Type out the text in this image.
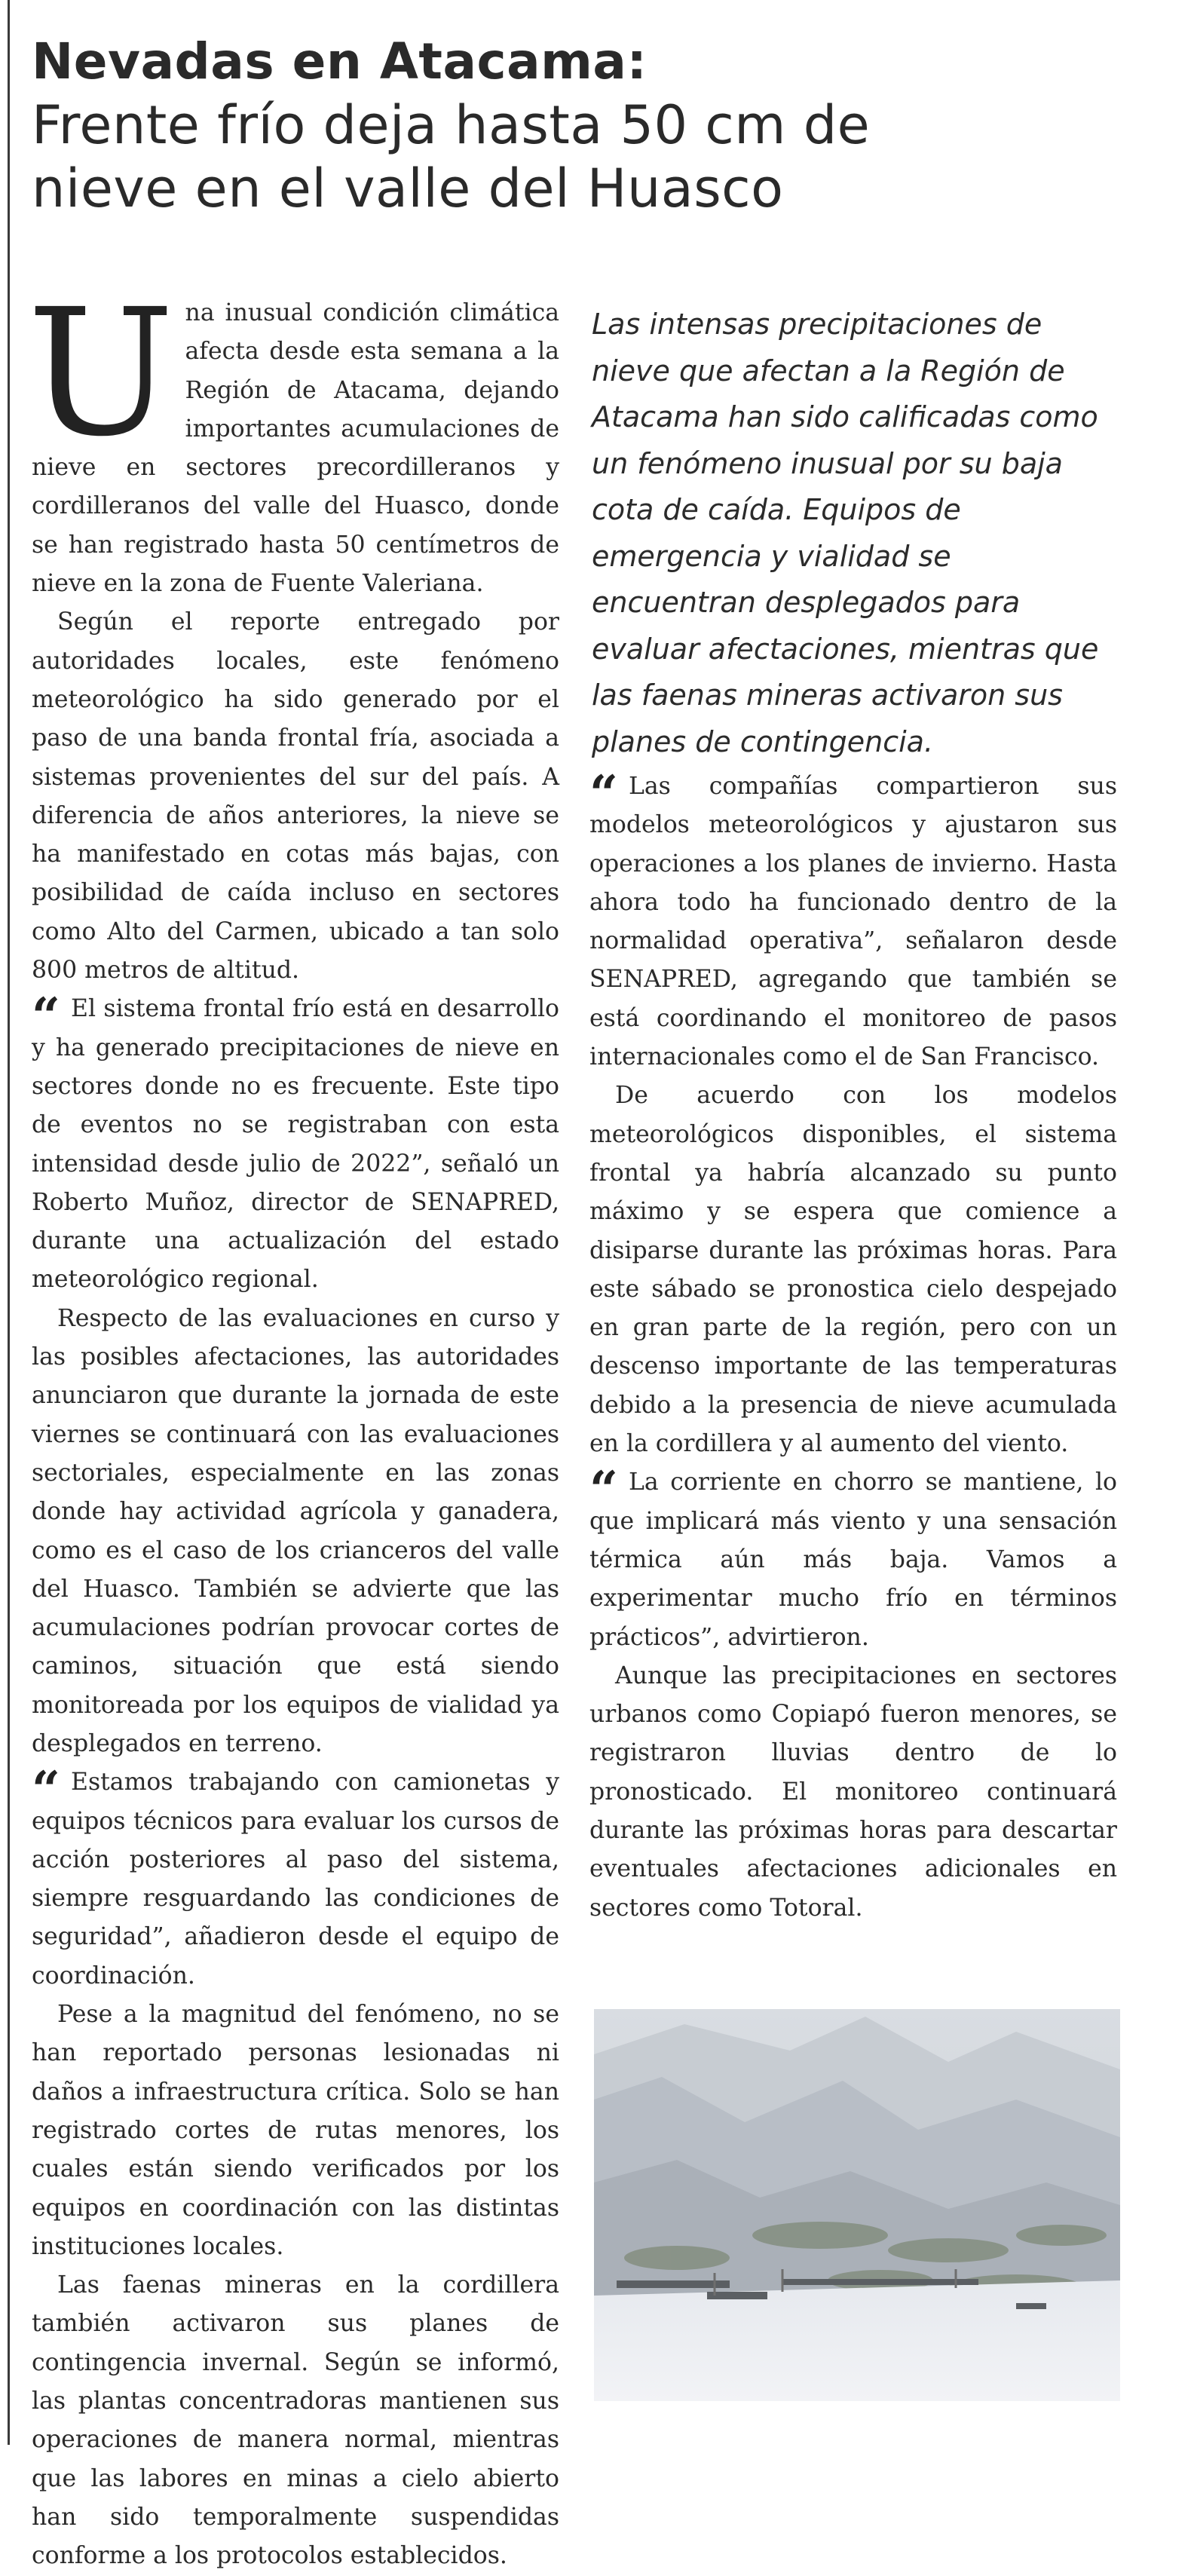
Nevadas en Atacama:
Frente frío deja hasta 50 cm de
nieve en el valle del Huasco

Una inusual condición climática afecta desde esta semana a la Región de Atacama, dejando importantes acumulaciones de nieve en sectores precordilleranos y cordilleranos del valle del Huasco, donde se han registrado hasta 50 centímetros de nieve en la zona de Fuente Valeriana.

Según el reporte entregado por autoridades locales, este fenómeno meteorológico ha sido generado por el paso de una banda frontal fría, asociada a sistemas provenientes del sur del país. A diferencia de años anteriores, la nieve se ha manifestado en cotas más bajas, con posibilidad de caída incluso en sectores como Alto del Carmen, ubicado a tan solo 800 metros de altitud.

“ El sistema frontal frío está en desarrollo y ha generado precipitaciones de nieve en sectores donde no es frecuente. Este tipo de eventos no se registraban con esta intensidad desde julio de 2022”, señaló un Roberto Muñoz, director de SENAPRED, durante una actualización del estado meteorológico regional.

Respecto de las evaluaciones en curso y las posibles afectaciones, las autoridades anunciaron que durante la jornada de este viernes se continuará con las evaluaciones sectoriales, especialmente en las zonas donde hay actividad agrícola y ganadera, como es el caso de los crianceros del valle del Huasco. También se advierte que las acumulaciones podrían provocar cortes de caminos, situación que está siendo monitoreada por los equipos de vialidad ya desplegados en terreno.

“ Estamos trabajando con camionetas y equipos técnicos para evaluar los cursos de acción posteriores al paso del sistema, siempre resguardando las condiciones de seguridad”, añadieron desde el equipo de coordinación.

Pese a la magnitud del fenómeno, no se han reportado personas lesionadas ni daños a infraestructura crítica. Solo se han registrado cortes de rutas menores, los cuales están siendo verificados por los equipos en coordinación con las distintas instituciones locales.

Las faenas mineras en la cordillera también activaron sus planes de contingencia invernal. Según se informó, las plantas concentradoras mantienen sus operaciones de manera normal, mientras que las labores en minas a cielo abierto han sido temporalmente suspendidas conforme a los protocolos establecidos.

Las intensas precipitaciones de nieve que afectan a la Región de Atacama han sido calificadas como un fenómeno inusual por su baja cota de caída. Equipos de emergencia y vialidad se encuentran desplegados para evaluar afectaciones, mientras que las faenas mineras activaron sus planes de contingencia.

“ Las compañías compartieron sus modelos meteorológicos y ajustaron sus operaciones a los planes de invierno. Hasta ahora todo ha funcionado dentro de la normalidad operativa”, señalaron desde SENAPRED, agregando que también se está coordinando el monitoreo de pasos internacionales como el de San Francisco.

De acuerdo con los modelos meteorológicos disponibles, el sistema frontal ya habría alcanzado su punto máximo y se espera que comience a disiparse durante las próximas horas. Para este sábado se pronostica cielo despejado en gran parte de la región, pero con un descenso importante de las temperaturas debido a la presencia de nieve acumulada en la cordillera y al aumento del viento.

“ La corriente en chorro se mantiene, lo que implicará más viento y una sensación térmica aún más baja. Vamos a experimentar mucho frío en términos prácticos”, advirtieron.

Aunque las precipitaciones en sectores urbanos como Copiapó fueron menores, se registraron lluvias dentro de lo pronosticado. El monitoreo continuará durante las próximas horas para descartar eventuales afectaciones adicionales en sectores como Totoral.
